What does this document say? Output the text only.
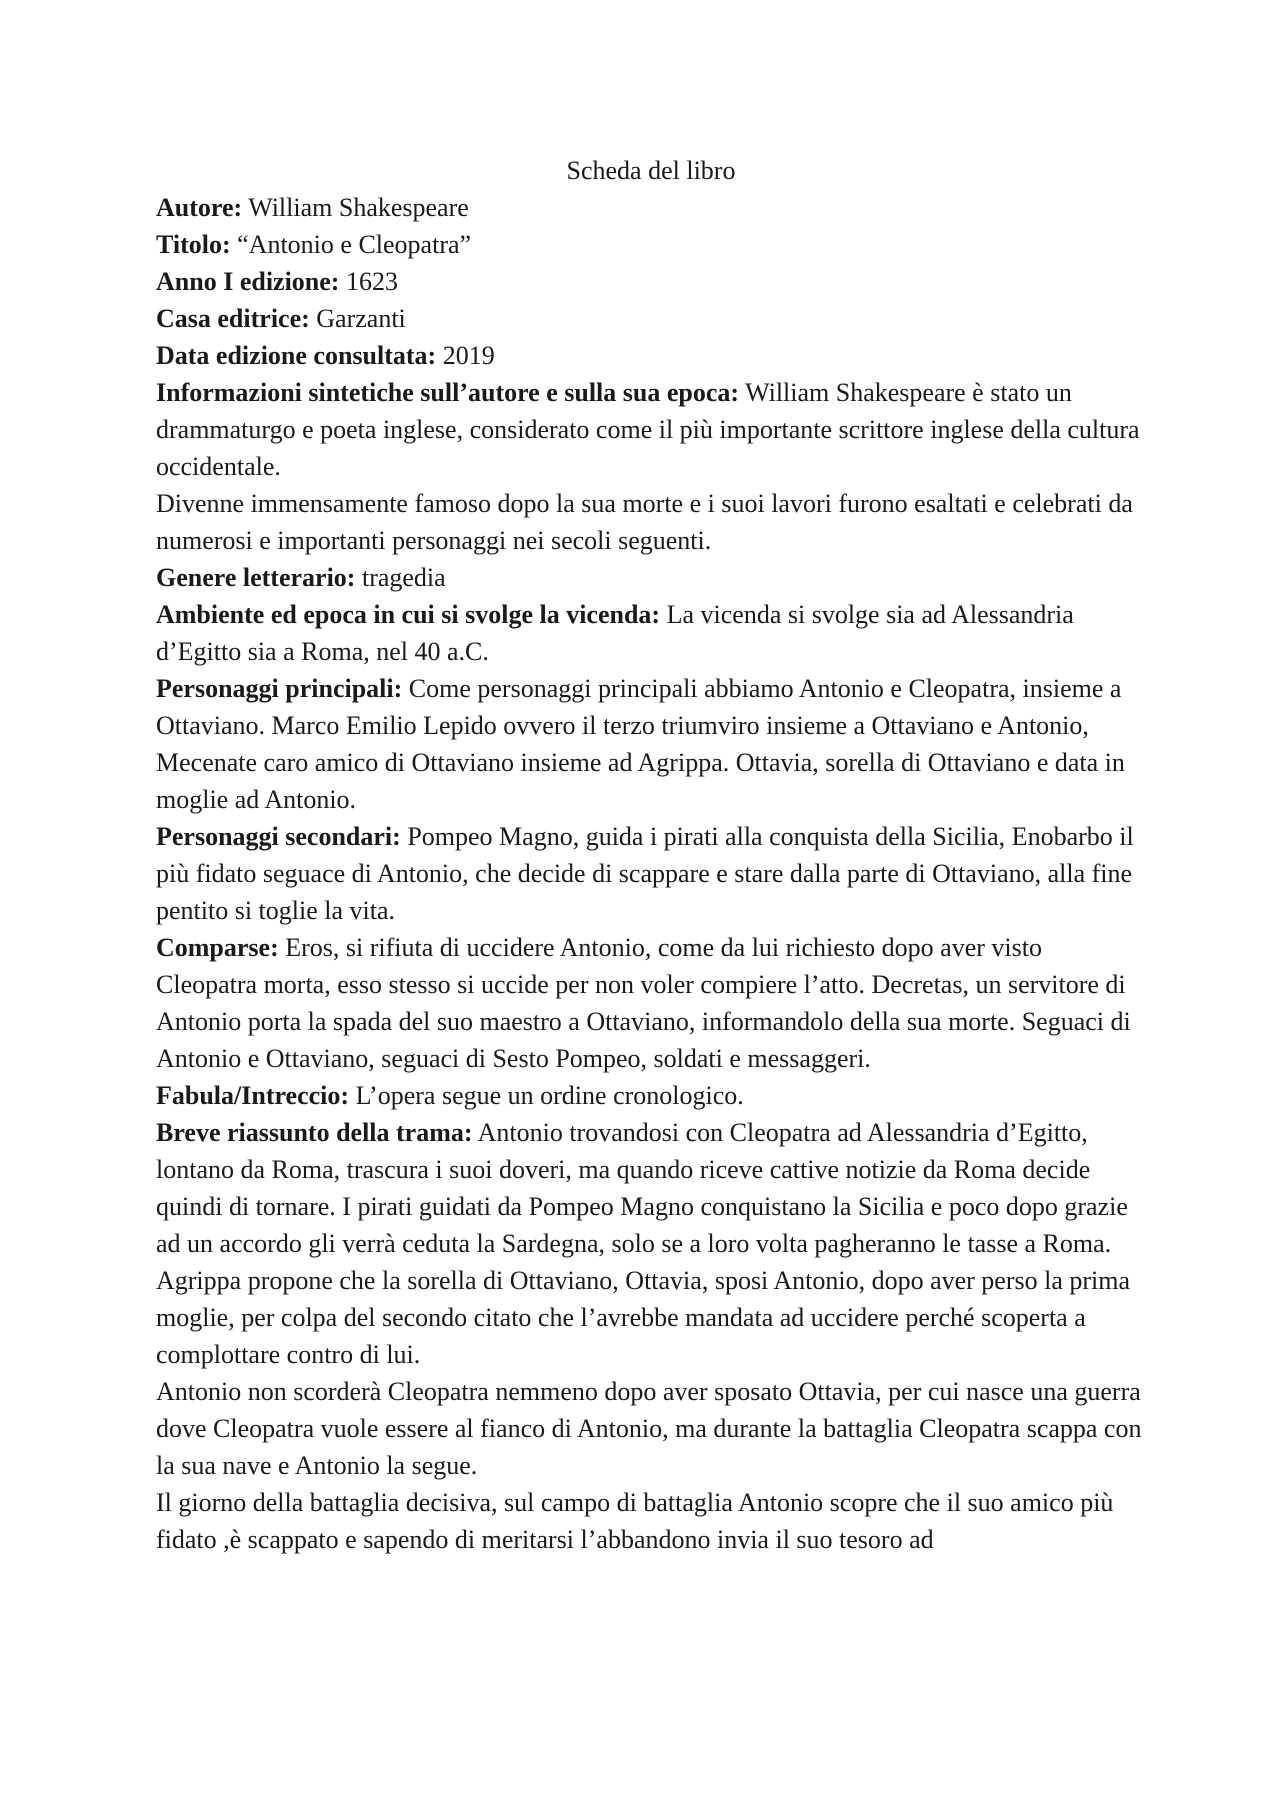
Scheda del libro

Autore: William Shakespeare

Titolo: “Antonio e Cleopatra”

Anno I edizione: 1623

Casa editrice: Garzanti

Data edizione consultata: 2019

Informazioni sintetiche sull’autore e sulla sua epoca: William Shakespeare è stato un drammaturgo e poeta inglese, considerato come il più importante scrittore inglese della cultura occidentale.

Divenne immensamente famoso dopo la sua morte e i suoi lavori furono esaltati e celebrati da numerosi e importanti personaggi nei secoli seguenti.

Genere letterario: tragedia

Ambiente ed epoca in cui si svolge la vicenda: La vicenda si svolge sia ad Alessandria d’Egitto sia a Roma, nel 40 a.C.

Personaggi principali: Come personaggi principali abbiamo Antonio e Cleopatra, insieme a Ottaviano. Marco Emilio Lepido ovvero il terzo triumviro insieme a Ottaviano e Antonio, Mecenate caro amico di Ottaviano insieme ad Agrippa. Ottavia, sorella di Ottaviano e data in moglie ad Antonio.

Personaggi secondari: Pompeo Magno, guida i pirati alla conquista della Sicilia, Enobarbo il più fidato seguace di Antonio, che decide di scappare e stare dalla parte di Ottaviano, alla fine pentito si toglie la vita.

Comparse: Eros, si rifiuta di uccidere Antonio, come da lui richiesto dopo aver visto Cleopatra morta, esso stesso si uccide per non voler compiere l’atto. Decretas, un servitore di Antonio porta la spada del suo maestro a Ottaviano, informandolo della sua morte. Seguaci di Antonio e Ottaviano, seguaci di Sesto Pompeo, soldati e messaggeri.

Fabula/Intreccio: L’opera segue un ordine cronologico.

Breve riassunto della trama: Antonio trovandosi con Cleopatra ad Alessandria d’Egitto, lontano da Roma, trascura i suoi doveri, ma quando riceve cattive notizie da Roma decide quindi di tornare. I pirati guidati da Pompeo Magno conquistano la Sicilia e poco dopo grazie ad un accordo gli verrà ceduta la Sardegna, solo se a loro volta pagheranno le tasse a Roma.

Agrippa propone che la sorella di Ottaviano, Ottavia, sposi Antonio, dopo aver perso la prima moglie, per colpa del secondo citato che l’avrebbe mandata ad uccidere perché scoperta a complottare contro di lui.

Antonio non scorderà Cleopatra nemmeno dopo aver sposato Ottavia, per cui nasce una guerra dove Cleopatra vuole essere al fianco di Antonio, ma durante la battaglia Cleopatra scappa con la sua nave e Antonio la segue.

Il giorno della battaglia decisiva, sul campo di battaglia Antonio scopre che il suo amico più fidato ,è scappato e sapendo di meritarsi l’abbandono invia il suo tesoro ad
